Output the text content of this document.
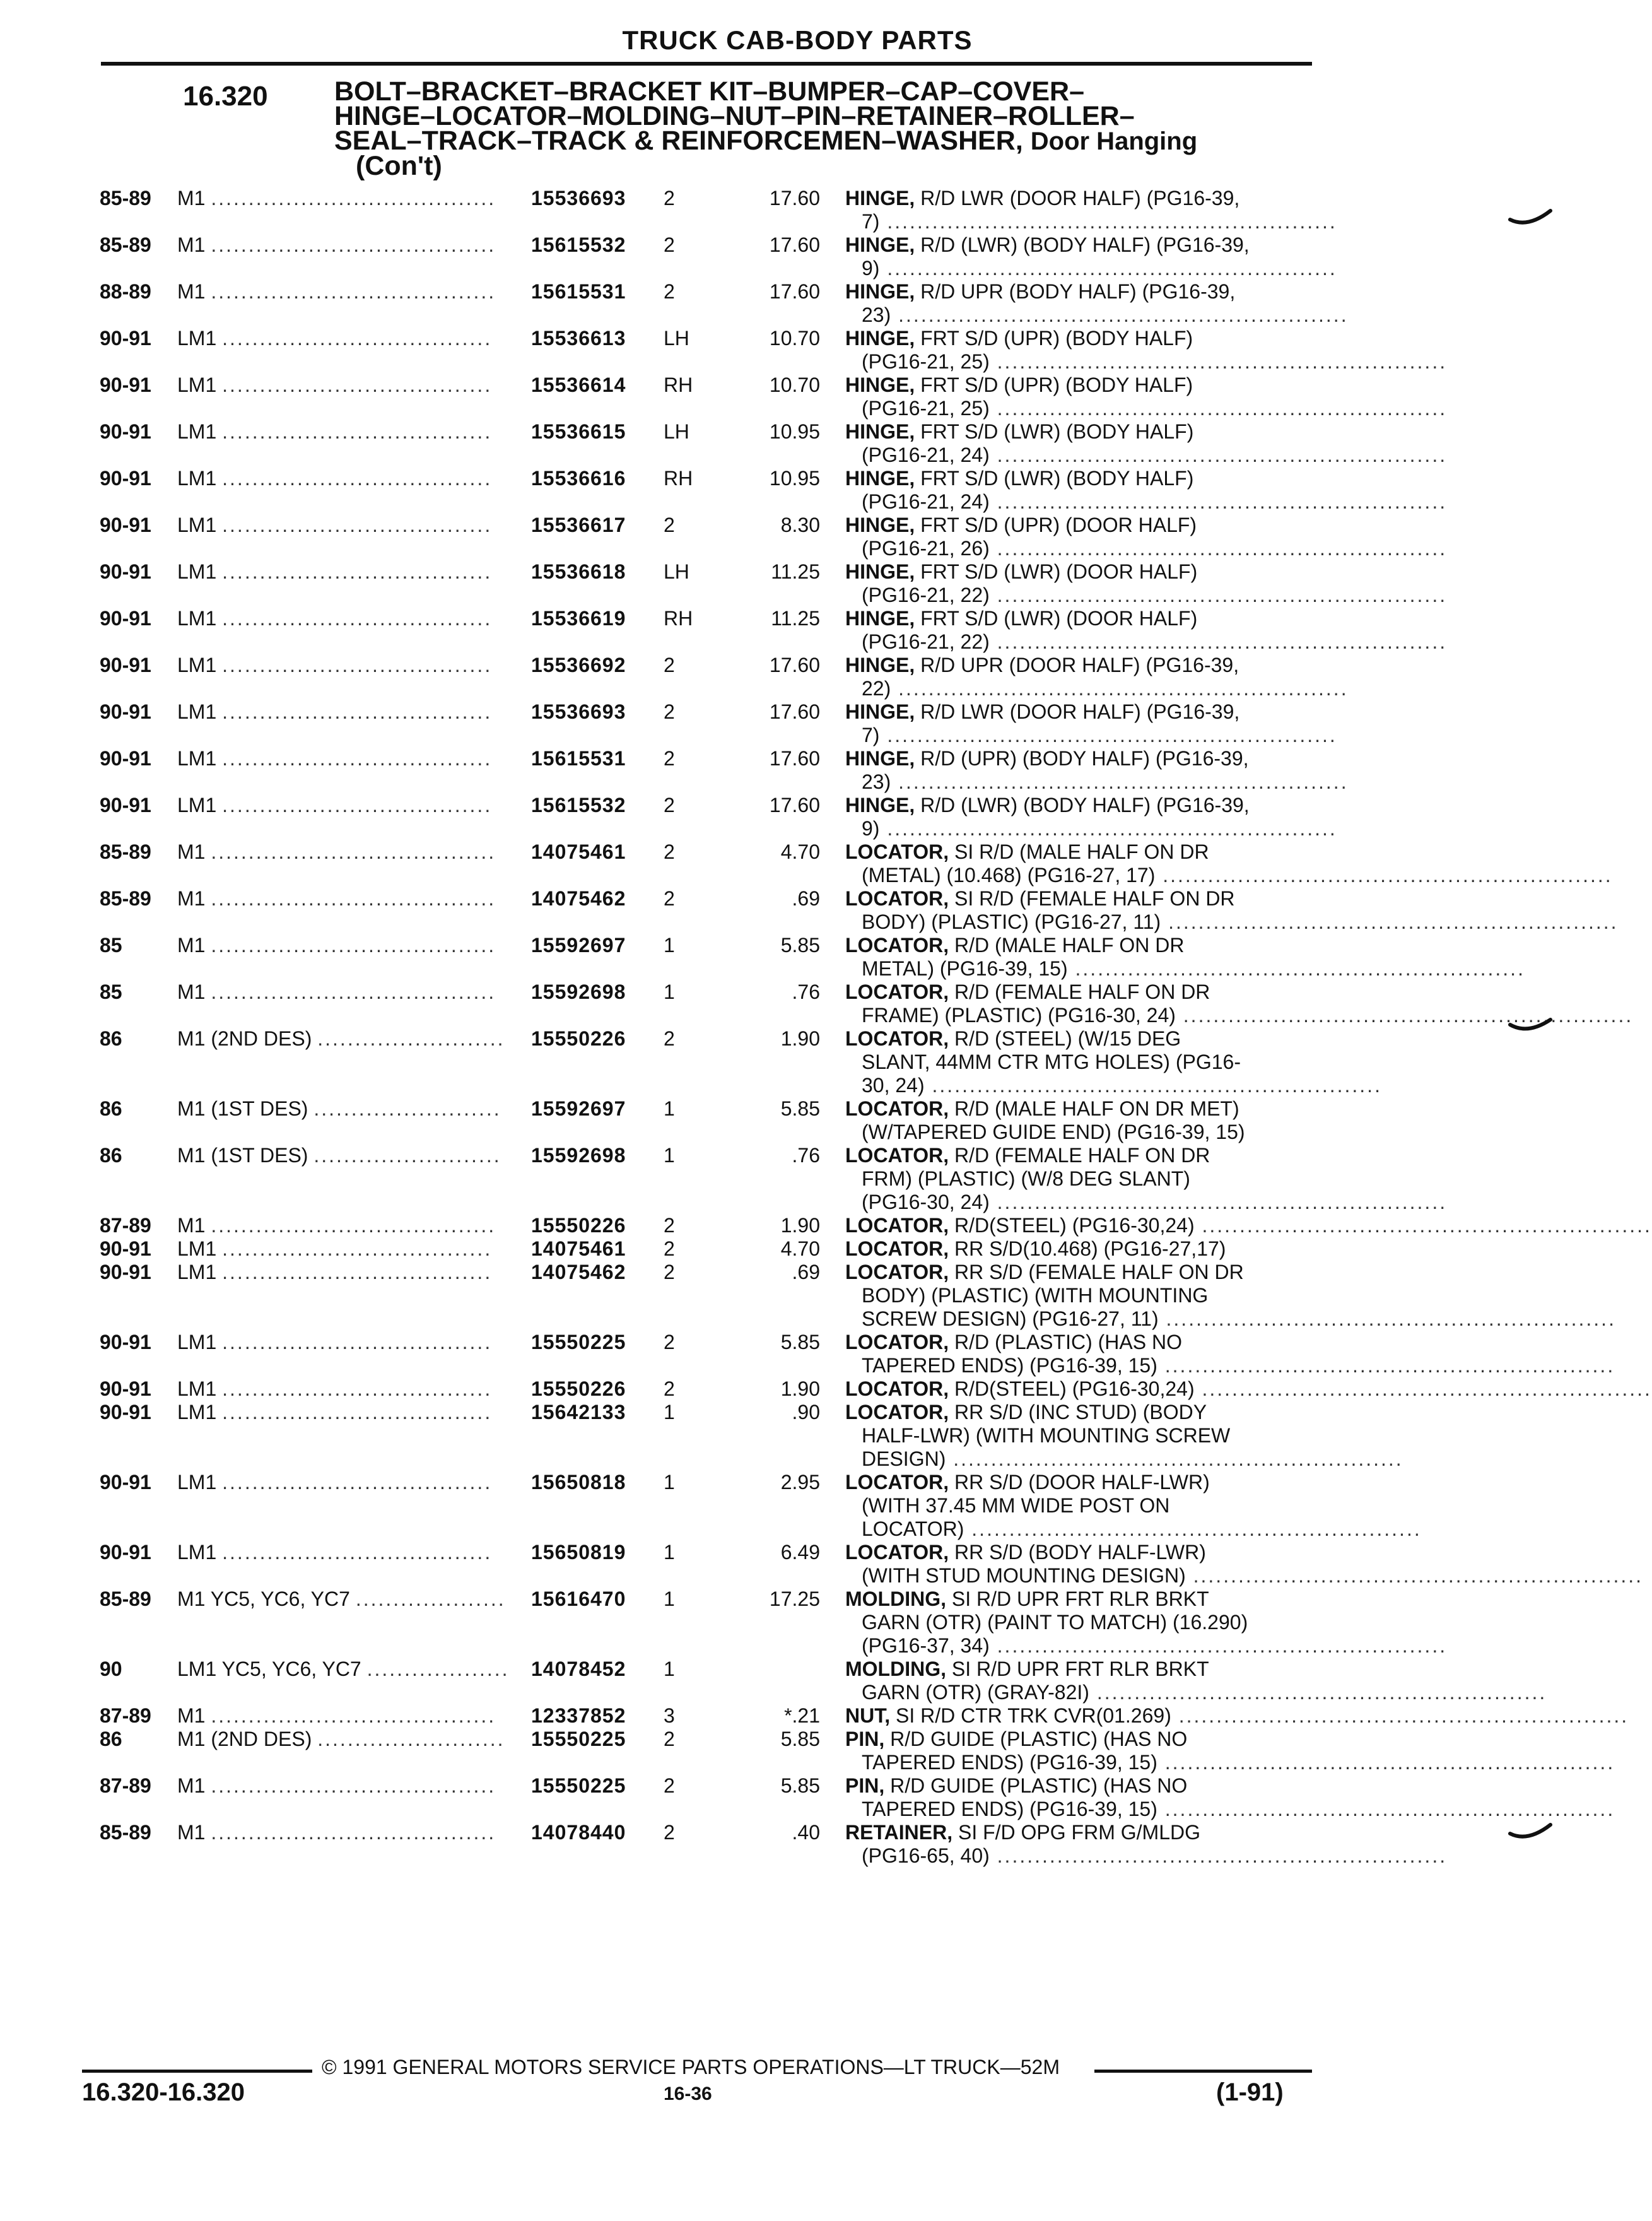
TRUCK CAB-BODY PARTS
16.320 BOLT–BRACKET–BRACKET KIT–BUMPER–CAP–COVER–
HINGE–LOCATOR–MOLDING–NUT–PIN–RETAINER–ROLLER–
SEAL–TRACK–TRACK & REINFORCEMEN–WASHER, Door Hanging
(Con't)
85-89 M1 ...................................... 15536693 2	17.60 HINGE, R/D LWR (DOOR HALF) (PG16-39,
7) ............................................................
85-89 M1 ...................................... 15615532 2	17.60 HINGE, R/D (LWR) (BODY HALF) (PG16-39,
9) ............................................................
88-89 M1 ...................................... 15615531 2	17.60 HINGE, R/D UPR (BODY HALF) (PG16-39,
23) ............................................................
90-91 LM1 .................................... 15536613 LH	10.70 HINGE, FRT S/D (UPR) (BODY HALF)
(PG16-21, 25) ............................................................
90-91 LM1 .................................... 15536614 RH	10.70 HINGE, FRT S/D (UPR) (BODY HALF)
(PG16-21, 25) ............................................................
90-91 LM1 .................................... 15536615 LH	10.95 HINGE, FRT S/D (LWR) (BODY HALF)
(PG16-21, 24) ............................................................
90-91 LM1 .................................... 15536616 RH	10.95 HINGE, FRT S/D (LWR) (BODY HALF)
(PG16-21, 24) ............................................................
90-91 LM1 .................................... 15536617 2	8.30 HINGE, FRT S/D (UPR) (DOOR HALF)
(PG16-21, 26) ............................................................
90-91 LM1 .................................... 15536618 LH	11.25 HINGE, FRT S/D (LWR) (DOOR HALF)
(PG16-21, 22) ............................................................
90-91 LM1 .................................... 15536619 RH	11.25 HINGE, FRT S/D (LWR) (DOOR HALF)
(PG16-21, 22) ............................................................
90-91 LM1 .................................... 15536692 2	17.60 HINGE, R/D UPR (DOOR HALF) (PG16-39,
22) ............................................................
90-91 LM1 .................................... 15536693 2	17.60 HINGE, R/D LWR (DOOR HALF) (PG16-39,
7) ............................................................
90-91 LM1 .................................... 15615531 2	17.60 HINGE, R/D (UPR) (BODY HALF) (PG16-39,
23) ............................................................
90-91 LM1 .................................... 15615532 2	17.60 HINGE, R/D (LWR) (BODY HALF) (PG16-39,
9) ............................................................
85-89 M1 ...................................... 14075461 2	4.70 LOCATOR, SI R/D (MALE HALF ON DR
(METAL) (10.468) (PG16-27, 17) ............................................................
85-89 M1 ...................................... 14075462 2	.69 LOCATOR, SI R/D (FEMALE HALF ON DR
BODY) (PLASTIC) (PG16-27, 11) ............................................................
85	M1 ...................................... 15592697 1	5.85 LOCATOR, R/D (MALE HALF ON DR
METAL) (PG16-39, 15) ............................................................
85	M1 ...................................... 15592698 1	.76 LOCATOR, R/D (FEMALE HALF ON DR
FRAME) (PLASTIC) (PG16-30, 24) ............................................................
86	M1 (2ND DES) ......................... 15550226 2	1.90 LOCATOR, R/D (STEEL) (W/15 DEG
SLANT, 44MM CTR MTG HOLES) (PG16-
30, 24) ............................................................
86	M1 (1ST DES) ......................... 15592697 1	5.85 LOCATOR, R/D (MALE HALF ON DR MET)
(W/TAPERED GUIDE END) (PG16-39, 15)
86	M1 (1ST DES) ......................... 15592698 1	.76 LOCATOR, R/D (FEMALE HALF ON DR
FRM) (PLASTIC) (W/8 DEG SLANT)
(PG16-30, 24) ............................................................
87-89 M1 ...................................... 15550226 2	1.90 LOCATOR, R/D(STEEL) (PG16-30,24) ............................................................
90-91 LM1 .................................... 14075461 2	4.70 LOCATOR, RR S/D(10.468) (PG16-27,17)
90-91 LM1 .................................... 14075462 2	.69 LOCATOR, RR S/D (FEMALE HALF ON DR
BODY) (PLASTIC) (WITH MOUNTING
SCREW DESIGN) (PG16-27, 11) ............................................................
90-91 LM1 .................................... 15550225 2	5.85 LOCATOR, R/D (PLASTIC) (HAS NO
TAPERED ENDS) (PG16-39, 15) ............................................................
90-91 LM1 .................................... 15550226 2	1.90 LOCATOR, R/D(STEEL) (PG16-30,24) ............................................................
90-91 LM1 .................................... 15642133 1	.90 LOCATOR, RR S/D (INC STUD) (BODY
HALF-LWR) (WITH MOUNTING SCREW
DESIGN) ............................................................
90-91 LM1 .................................... 15650818 1	2.95 LOCATOR, RR S/D (DOOR HALF-LWR)
(WITH 37.45 MM WIDE POST ON
LOCATOR) ............................................................
90-91 LM1 .................................... 15650819 1	6.49 LOCATOR, RR S/D (BODY HALF-LWR)
(WITH STUD MOUNTING DESIGN) ............................................................
85-89 M1 YC5, YC6, YC7 .................... 15616470 1	17.25 MOLDING, SI R/D UPR FRT RLR BRKT
GARN (OTR) (PAINT TO MATCH) (16.290)
(PG16-37, 34) ............................................................
90	LM1 YC5, YC6, YC7 ................... 14078452 1	MOLDING, SI R/D UPR FRT RLR BRKT
GARN (OTR) (GRAY-82I) ............................................................
87-89 M1 ...................................... 12337852 3	*.21 NUT, SI R/D CTR TRK CVR(01.269) ............................................................
86	M1 (2ND DES) ......................... 15550225 2	5.85 PIN, R/D GUIDE (PLASTIC) (HAS NO
TAPERED ENDS) (PG16-39, 15) ............................................................
87-89 M1 ...................................... 15550225 2	5.85 PIN, R/D GUIDE (PLASTIC) (HAS NO
TAPERED ENDS) (PG16-39, 15) ............................................................
85-89 M1 ...................................... 14078440 2	.40 RETAINER, SI F/D OPG FRM G/MLDG
(PG16-65, 40) ............................................................
© 1991 GENERAL MOTORS SERVICE PARTS OPERATIONS—LT TRUCK—52M
16.320-16.320	16-36	(1-91)
